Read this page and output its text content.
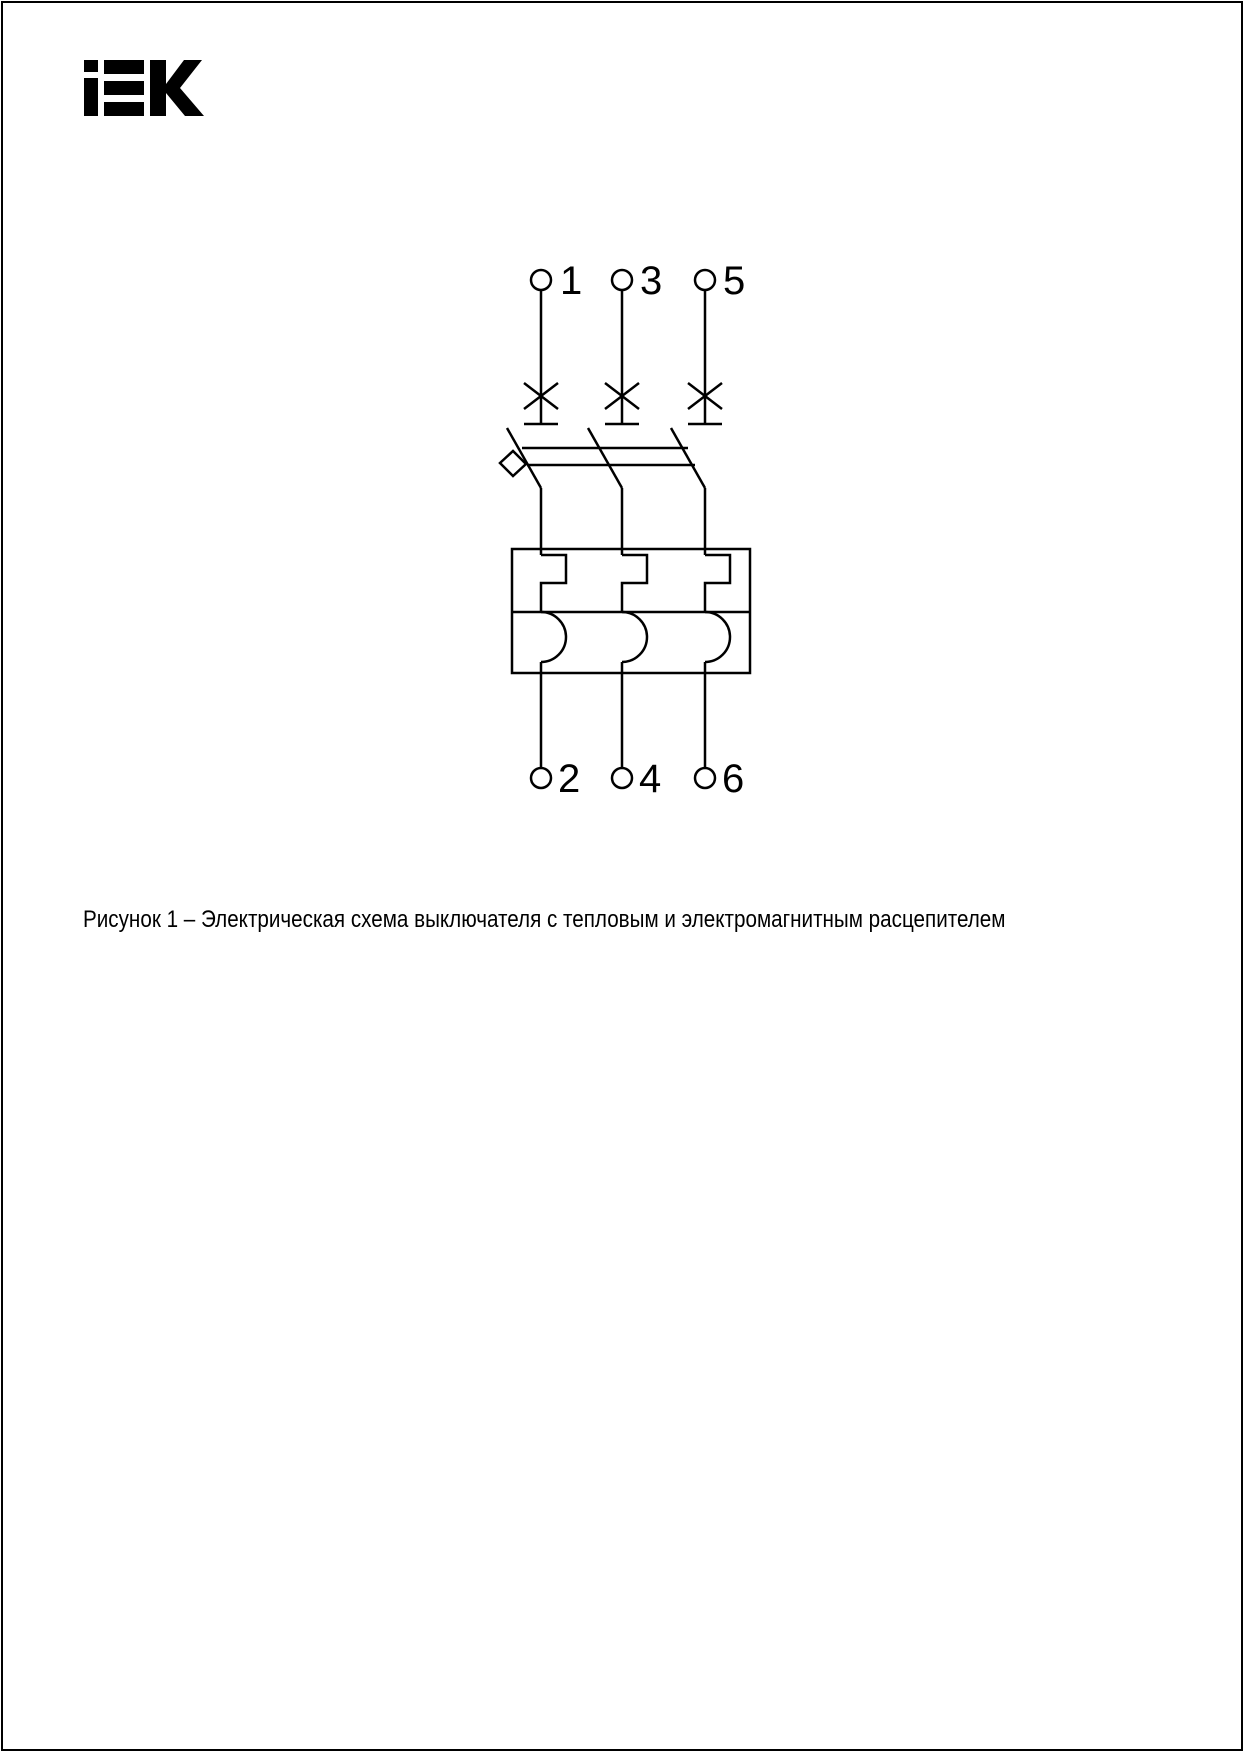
1 3 5
2 4 6
Рисунок 1 – Электрическая схема выключателя с тепловым и электромагнитным расцепителем
